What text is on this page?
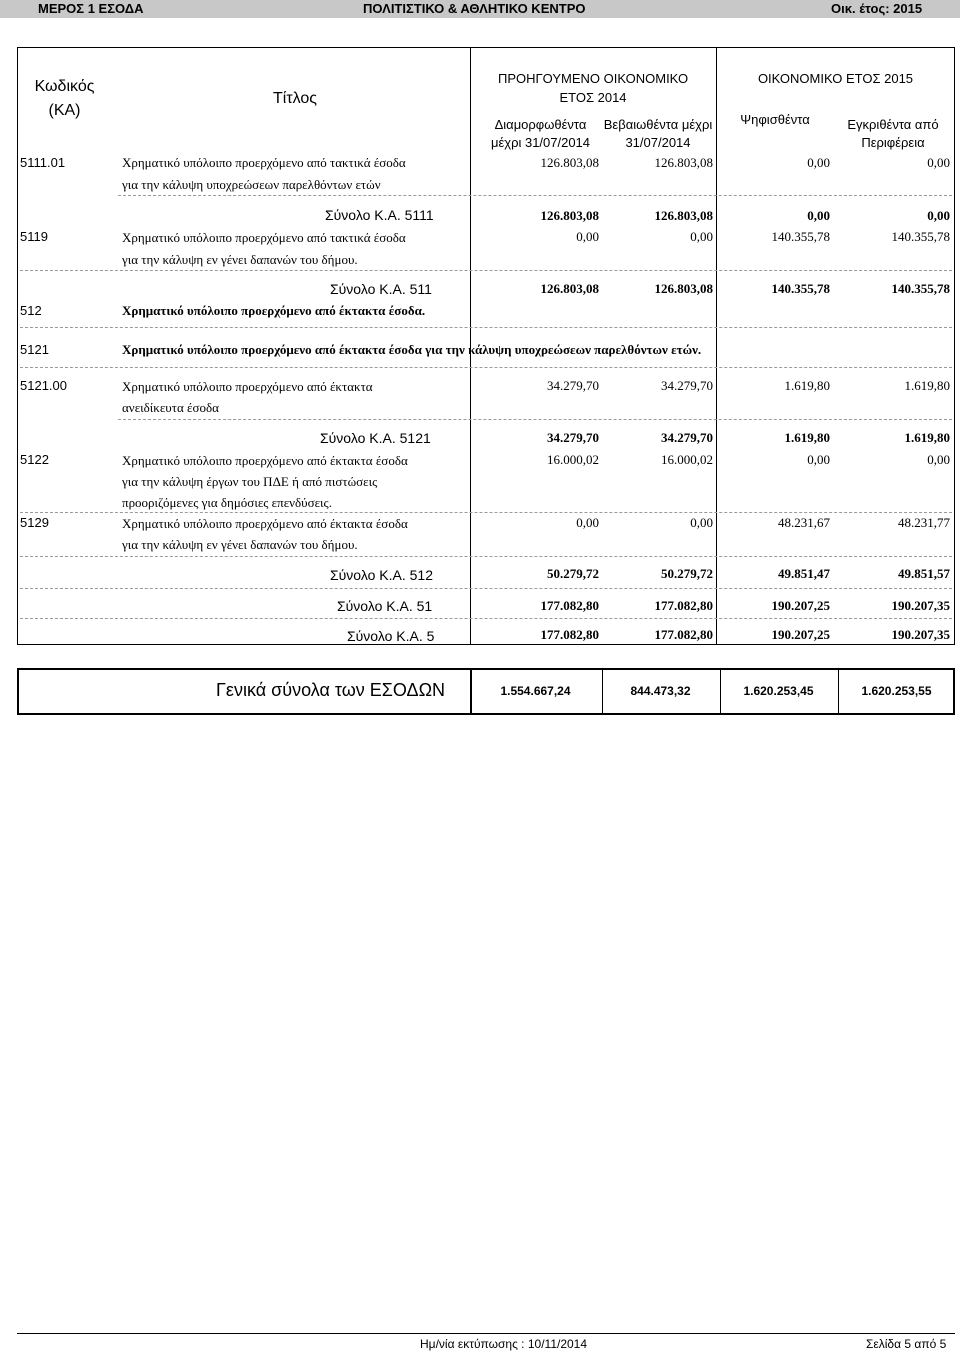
ΜΕΡΟΣ 1 ΕΣΟΔΑ	ΠΟΛΙΤΙΣΤΙΚΟ & ΑΘΛΗΤΙΚΟ ΚΕΝΤΡΟ	Οικ. έτος: 2015
Κωδικός
(ΚΑ)
Τίτλος
ΠΡΟΗΓΟΥΜΕΝΟ ΟΙΚΟΝΟΜΙΚΟ
ΕΤΟΣ 2014
Διαμορφωθέντα
μέχρι 31/07/2014
Βεβαιωθέντα μέχρι
31/07/2014
ΟΙΚΟΝΟΜΙΚΟ ΕΤΟΣ 2015
Ψηφισθέντα	Εγκριθέντα από
Περιφέρεια
5111.01	Χρηματικό υπόλοιπο προερχόμενο από τακτικά έσοδα
για την κάλυψη υποχρεώσεων παρελθόντων ετών
126.803,08	126.803,08	0,00	0,00
Σύνολο Κ.Α. 5111	126.803,08	126.803,08	0,00	0,00
5119	Χρηματικό υπόλοιπο προερχόμενο από τακτικά έσοδα
για την κάλυψη εν γένει δαπανών του δήμου.
0,00	0,00	140.355,78	140.355,78
Σύνολο Κ.Α. 511	126.803,08	126.803,08	140.355,78	140.355,78
512	Χρηματικό υπόλοιπο προερχόμενο από έκτακτα έσοδα.
5121	Χρηματικό υπόλοιπο προερχόμενο από έκτακτα έσοδα για την κάλυψη υποχρεώσεων παρελθόντων ετών.
5121.00	Χρηματικό υπόλοιπο προερχόμενο από έκτακτα
ανειδίκευτα έσοδα
34.279,70	34.279,70	1.619,80	1.619,80
Σύνολο Κ.Α. 5121	34.279,70	34.279,70	1.619,80	1.619,80
5122	Χρηματικό υπόλοιπο προερχόμενο από έκτακτα έσοδα
για την κάλυψη έργων του ΠΔΕ ή από πιστώσεις
προοριζόμενες για δημόσιες επενδύσεις.
16.000,02	16.000,02	0,00	0,00
5129	Χρηματικό υπόλοιπο προερχόμενο από έκτακτα έσοδα
για την κάλυψη εν γένει δαπανών του δήμου.
0,00	0,00	48.231,67	48.231,77
Σύνολο Κ.Α. 512	50.279,72	50.279,72	49.851,47	49.851,57
Σύνολο Κ.Α. 51	177.082,80	177.082,80	190.207,25	190.207,35
Σύνολο Κ.Α. 5	177.082,80	177.082,80	190.207,25	190.207,35
Γενικά σύνολα των ΕΣΟΔΩΝ	1.554.667,24	844.473,32	1.620.253,45	1.620.253,55
Ημ/νία εκτύπωσης : 10/11/2014	Σελίδα 5 από 5
